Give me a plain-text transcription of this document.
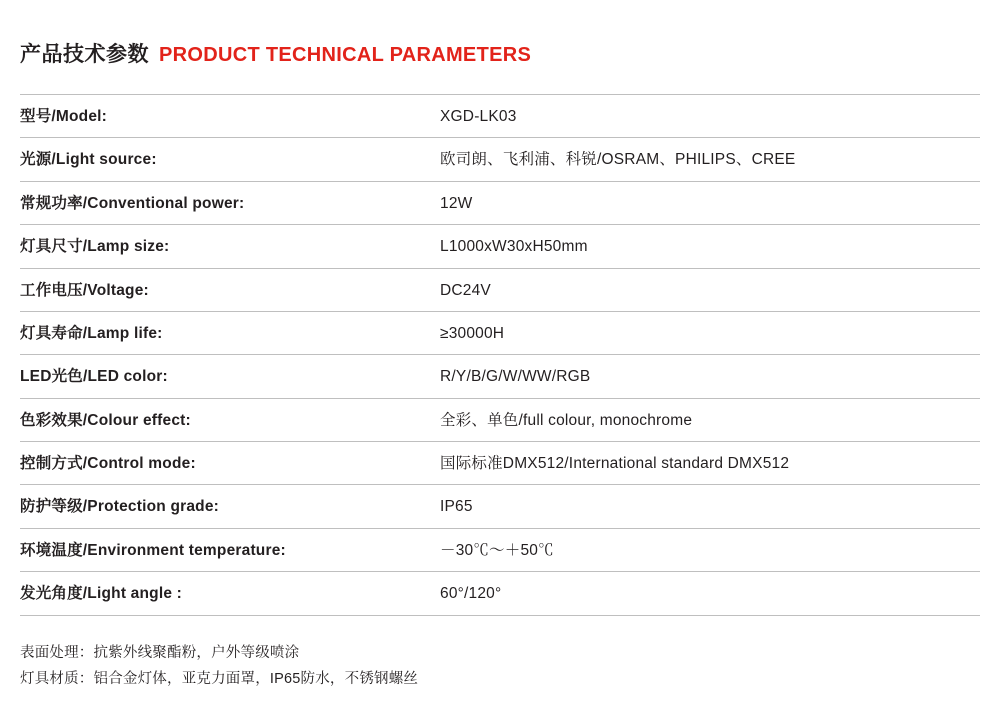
产品技术参数 PRODUCT TECHNICAL PARAMETERS
型号/Model:	XGD-LK03
光源/Light source:	欧司朗、飞利浦、科锐/OSRAM、PHILIPS、CREE
常规功率/Conventional power:	12W
灯具尺寸/Lamp size:	L1000xW30xH50mm
工作电压/Voltage:	DC24V
灯具寿命/Lamp life:	≥30000H
LED光色/LED color:	R/Y/B/G/W/WW/RGB
色彩效果/Colour effect:	全彩、单色/full colour, monochrome
控制方式/Control mode:	国际标准DMX512/International standard DMX512
防护等级/Protection grade:	IP65
环境温度/Environment temperature:	－30℃～＋50℃
发光角度/Light angle :	60°/120°
表面处理：抗紫外线聚酯粉，户外等级喷涂
灯具材质：铝合金灯体，亚克力面罩，IP65防水，不锈钢螺丝
